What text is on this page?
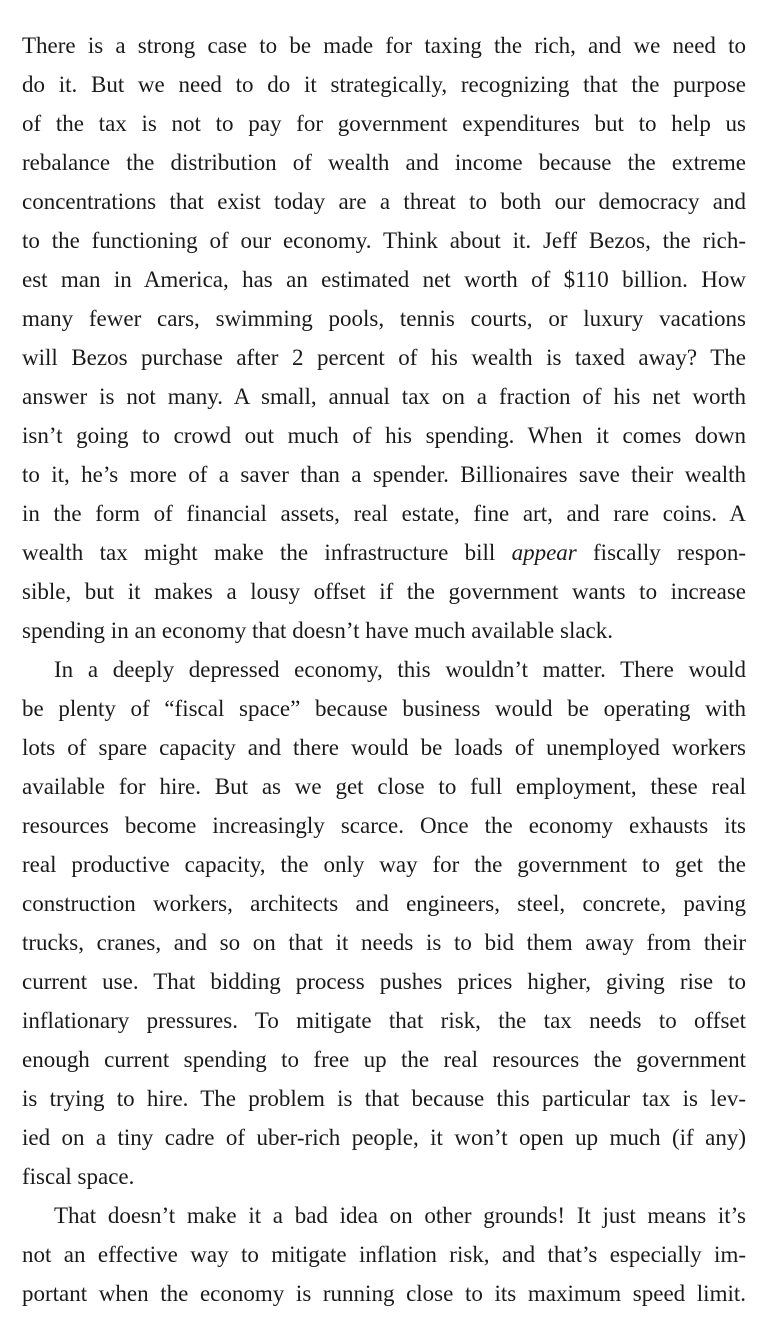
There is a strong case to be made for taxing the rich, and we need to
do it. But we need to do it strategically, recognizing that the purpose
of the tax is not to pay for government expenditures but to help us
rebalance the distribution of wealth and income because the extreme
concentrations that exist today are a threat to both our democracy and
to the functioning of our economy. Think about it. Jeff Bezos, the rich-
est man in America, has an estimated net worth of $110 billion. How
many fewer cars, swimming pools, tennis courts, or luxury vacations
will Bezos purchase after 2 percent of his wealth is taxed away? The
answer is not many. A small, annual tax on a fraction of his net worth
isn’t going to crowd out much of his spending. When it comes down
to it, he’s more of a saver than a spender. Billionaires save their wealth
in the form of financial assets, real estate, fine art, and rare coins. A
wealth tax might make the infrastructure bill appear fiscally respon-
sible, but it makes a lousy offset if the government wants to increase
spending in an economy that doesn’t have much available slack.
In a deeply depressed economy, this wouldn’t matter. There would
be plenty of “fiscal space” because business would be operating with
lots of spare capacity and there would be loads of unemployed workers
available for hire. But as we get close to full employment, these real
resources become increasingly scarce. Once the economy exhausts its
real productive capacity, the only way for the government to get the
construction workers, architects and engineers, steel, concrete, paving
trucks, cranes, and so on that it needs is to bid them away from their
current use. That bidding process pushes prices higher, giving rise to
inflationary pressures. To mitigate that risk, the tax needs to offset
enough current spending to free up the real resources the government
is trying to hire. The problem is that because this particular tax is lev-
ied on a tiny cadre of uber-rich people, it won’t open up much (if any)
fiscal space.
That doesn’t make it a bad idea on other grounds! It just means it’s
not an effective way to mitigate inflation risk, and that’s especially im-
portant when the economy is running close to its maximum speed limit.
